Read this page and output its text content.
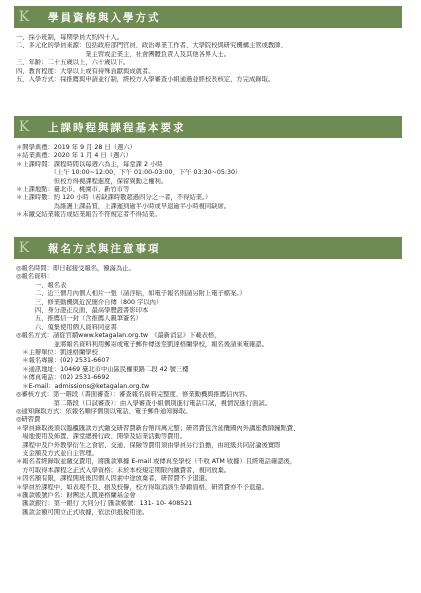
K	學員資格與入學方式
一、採小班制，每期學員大約四十人。
二、多元化的學員來源：包括政府部門官員、政治專業工作者、大學院校與研究機構主管或教師、
　　　　　　　　　　　業主管或企業主、社會團體負責人及其他各界人士。
三、年齡：二十五歲以上，六十歲以下。
四、教育程度：大學以上或有持殊貢獻與成就者。
五、入學方式：採推薦與申請並行制，經校方入學審查小組通過並經校長核定，方完成錄取。
K	上課時程與課程基本要求
＊開學典禮：2019 年 9 月 28 日（週六）
＊結業典禮：2020 年 1 月 4 日（週六）
＊上課時間：課程時間以每週六為主，每堂課 2 小時
　　　　　　（上午 10:00~12:00、下午 01:00-03:00、下午 03:30~05:30）
　　　　　　但校方得視課程進度，保留異動之權利。
＊上課地點：臺北市、桃園市、新竹市等
＊上課時數：約 120 小時（若缺課時數超過四分之一者，不得結業。）
　　　　　　為維護上課品質，上課遲到逾半小時或早退逾半小時視同缺席。
＊未繳交結業報告或結業報告不符規定者不得結業。
K	報名方式與注意事項
◎報名時間：即日起接受報名，額滿為止。
◎報名資料：
　　　一、報名表
　　　二、近三個月內個人相片一張（請浮貼，如電子報名則請另附上電子檔案。）
　　　三、修業動機與近況簡介自傳（800 字以內）
　　　四、身分證正反面、最高學歷證書影印本
　　　五、推薦信一封（含推薦人親筆簽名）
　　　六、蒐集使用個人資料同意書
◎報名方式：請從官網www.ketagalan.org.tw　《最新消息》下載表格，
　　　　　　並將報名資料利用郵寄或電子郵件傳送至凱達格蘭學校，報名後請來電確認。
　＊主辦單位：凱達格蘭學校
　＊報名專線：(02) 2531-6607
　＊通訊地址：10469 臺北市中山區民權東路二段 42 號三樓
　＊傳真電話：(02) 2531-6692
　＊E-mail：admissions@ketagalan.org.tw
◎審核方式：第一階段（書面審查）：審查報名資料完整度、修業動機與推薦信內容。
　　　　　　第二階段（口試審查）：由入學審查小組個別進行電話口試，視情況進行面試。
◎通知錄取方式：依報名順序個別以電話、電子郵件通知錄取。
◎研習費
＊學員錄取後須以臨櫃匯款方式繳交研習費新台幣四萬元整；研習費包含延攬國內外講座教師鐘點費、
　場地使用及佈置、課堂總務行政、開學及結業活動等費用。
　課程中及戶外教學衍生之食宿、交通、保險等費用須由學員另行負擔，由班級共同討論後實際
　支金額及方式並自主管理。
＊報名者經錄取並繳交費用，將匯款單據 E-mail 或傳真至學校（不收 ATM 收據）且經電話確認後，
　方可取得本課程之正式入學資格；未於本校規定期限內繳費者，視同放棄。
＊因名額有限，課程開班後因個人因素中途放棄者，研習費不予退還。
＊學員於課程中，如表現不良、損及校譽，校方得取消該生學籍資格，研習費亦不予退還。
＊匯款帳號戶名：財團法人凱達格蘭基金會
　匯款銀行：第一銀行 大同分行 匯款帳號：131- 10- 408521
　匯款金額可開立正式收據，依法供抵稅用途。
